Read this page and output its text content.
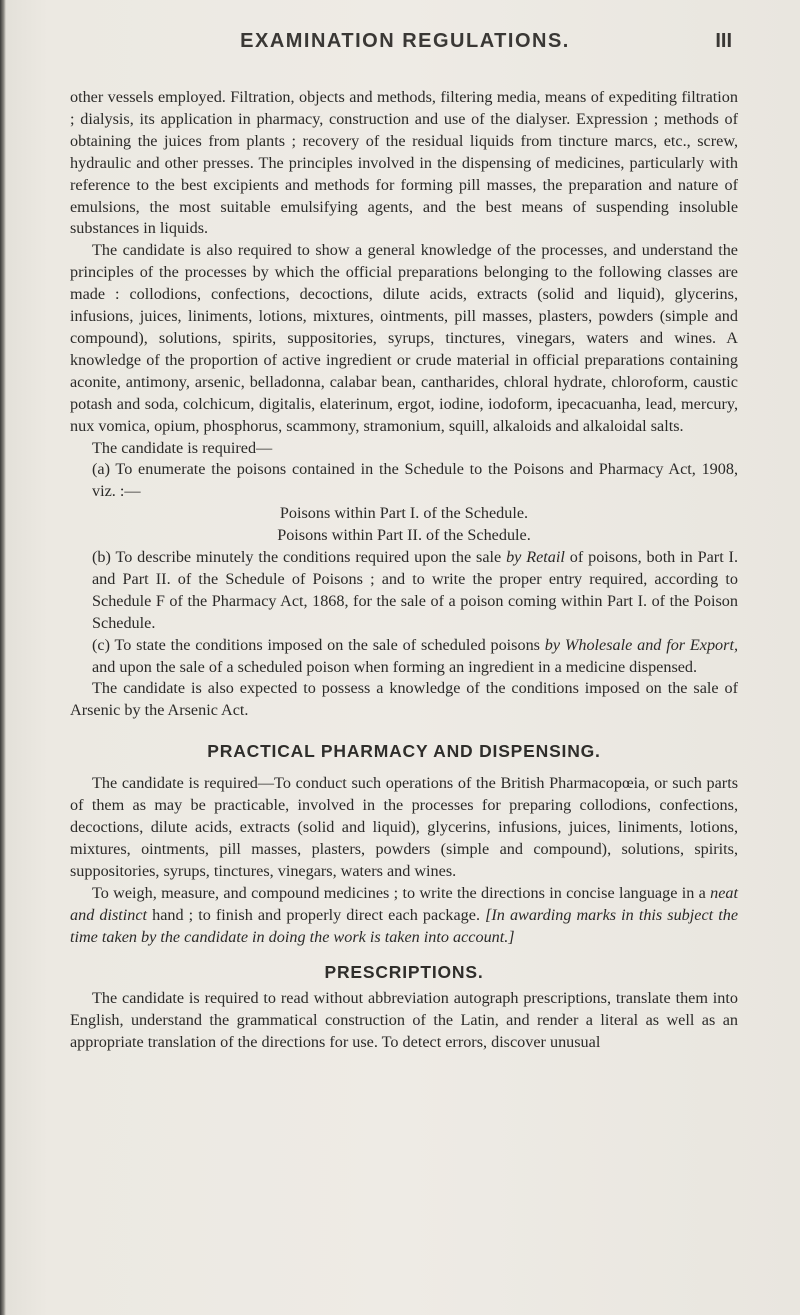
EXAMINATION REGULATIONS.	III

other vessels employed. Filtration, objects and methods, filtering media, means of expediting filtration ; dialysis, its application in pharmacy, construction and use of the dialyser. Expression ; methods of obtaining the juices from plants ; recovery of the residual liquids from tincture marcs, etc., screw, hydraulic and other presses. The principles involved in the dispensing of medicines, particularly with reference to the best excipients and methods for forming pill masses, the preparation and nature of emulsions, the most suitable emulsifying agents, and the best means of suspending insoluble substances in liquids.

The candidate is also required to show a general knowledge of the processes, and understand the principles of the processes by which the official preparations belonging to the following classes are made : collodions, confections, decoctions, dilute acids, extracts (solid and liquid), glycerins, infusions, juices, liniments, lotions, mixtures, ointments, pill masses, plasters, powders (simple and compound), solutions, spirits, suppositories, syrups, tinctures, vinegars, waters and wines. A knowledge of the proportion of active ingredient or crude material in official preparations containing aconite, antimony, arsenic, belladonna, calabar bean, cantharides, chloral hydrate, chloroform, caustic potash and soda, colchicum, digitalis, elaterinum, ergot, iodine, iodoform, ipecacuanha, lead, mercury, nux vomica, opium, phosphorus, scammony, stramonium, squill, alkaloids and alkaloidal salts.

The candidate is required—

(a) To enumerate the poisons contained in the Schedule to the Poisons and Pharmacy Act, 1908, viz. :—

Poisons within Part I. of the Schedule.

Poisons within Part II. of the Schedule.

(b) To describe minutely the conditions required upon the sale by Retail of poisons, both in Part I. and Part II. of the Schedule of Poisons ; and to write the proper entry required, according to Schedule F of the Pharmacy Act, 1868, for the sale of a poison coming within Part I. of the Poison Schedule.

(c) To state the conditions imposed on the sale of scheduled poisons by Wholesale and for Export, and upon the sale of a scheduled poison when forming an ingredient in a medicine dispensed.

The candidate is also expected to possess a knowledge of the conditions imposed on the sale of Arsenic by the Arsenic Act.

PRACTICAL PHARMACY AND DISPENSING.

The candidate is required—To conduct such operations of the British Pharmacopœia, or such parts of them as may be practicable, involved in the processes for preparing collodions, confections, decoctions, dilute acids, extracts (solid and liquid), glycerins, infusions, juices, liniments, lotions, mixtures, ointments, pill masses, plasters, powders (simple and compound), solutions, spirits, suppositories, syrups, tinctures, vinegars, waters and wines.

To weigh, measure, and compound medicines ; to write the directions in concise language in a neat and distinct hand ; to finish and properly direct each package. [In awarding marks in this subject the time taken by the candidate in doing the work is taken into account.]

PRESCRIPTIONS.

The candidate is required to read without abbreviation autograph prescriptions, translate them into English, understand the grammatical construction of the Latin, and render a literal as well as an appropriate translation of the directions for use. To detect errors, discover unusual
